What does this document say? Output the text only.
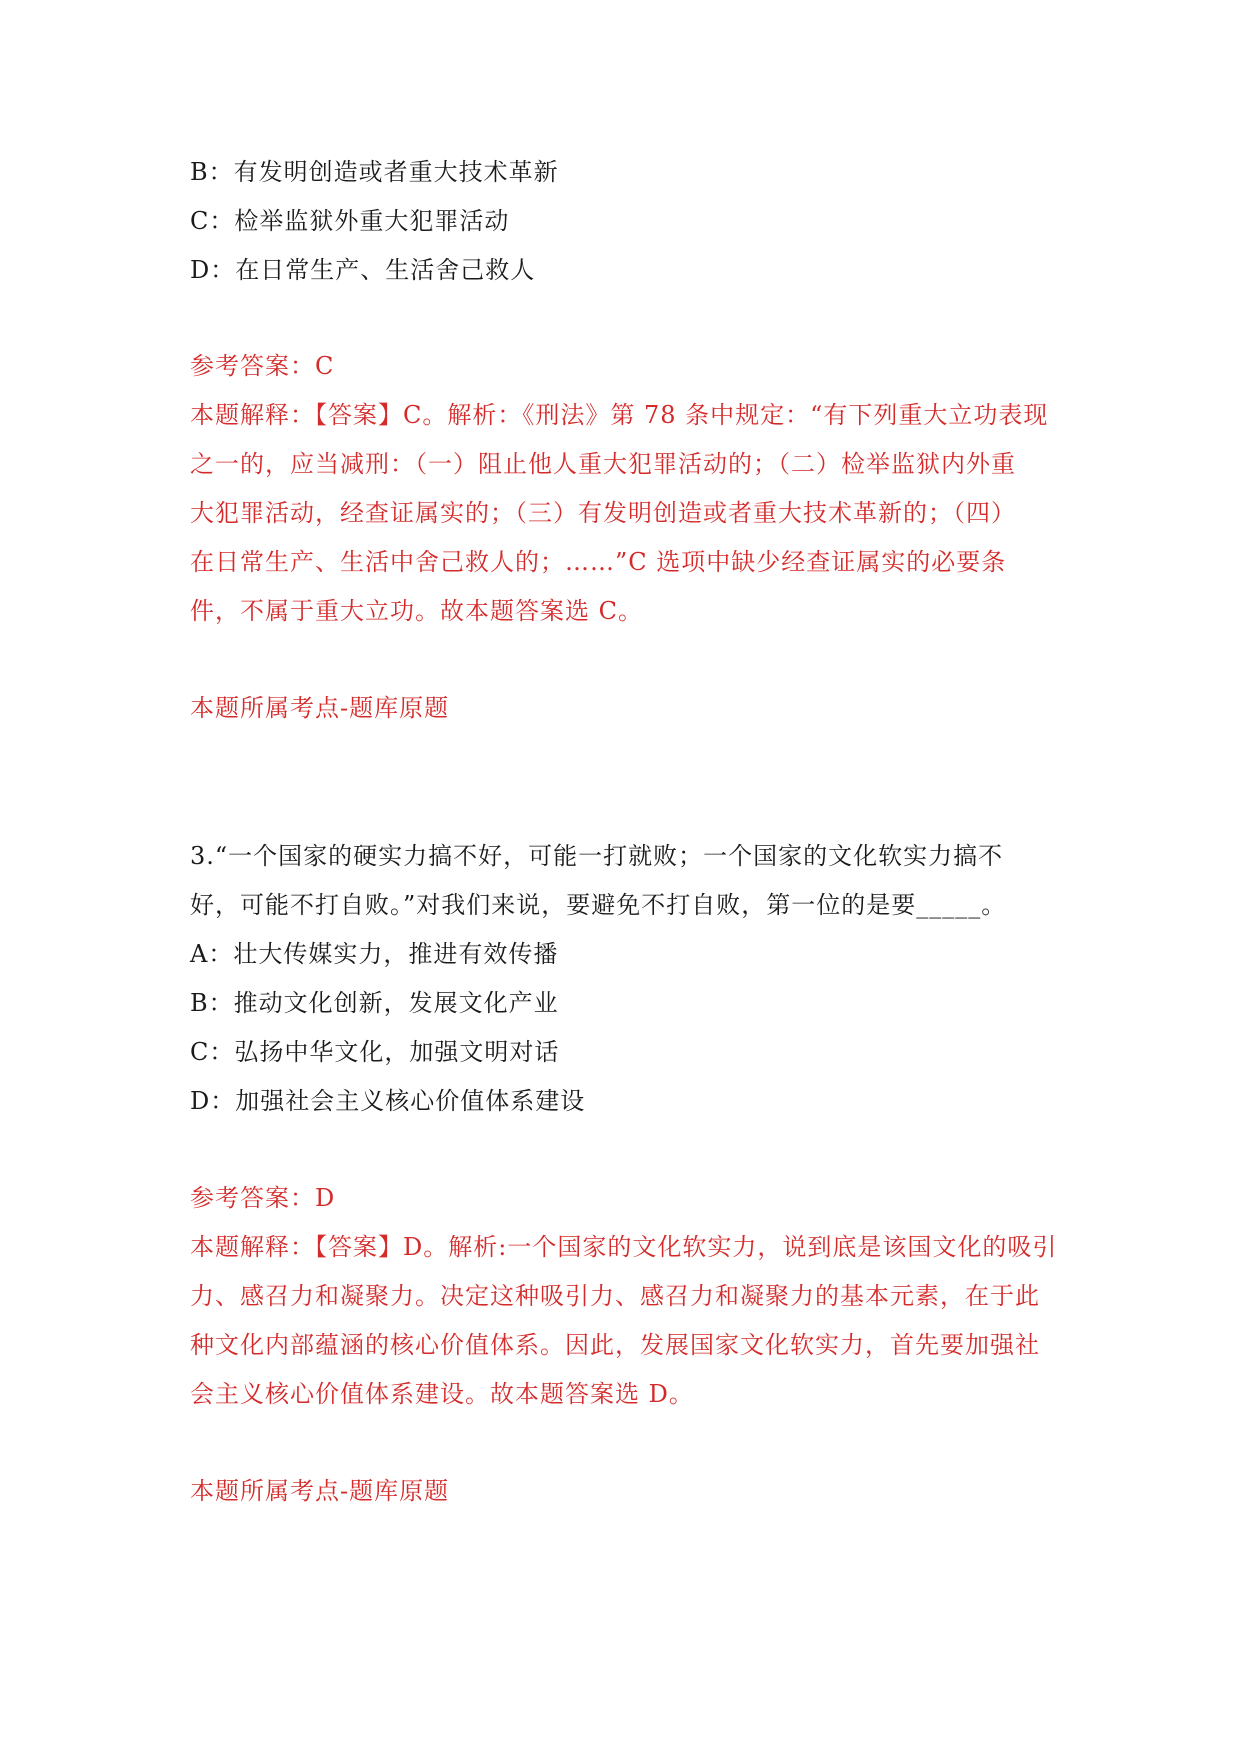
B：有发明创造或者重大技术革新
C：检举监狱外重大犯罪活动
D：在日常生产、生活舍己救人
参考答案：C
本题解释：【答案】C。解析：《刑法》第 78 条中规定：“有下列重大立功表现
之一的，应当减刑：（一）阻止他人重大犯罪活动的；（二）检举监狱内外重
大犯罪活动，经查证属实的；（三）有发明创造或者重大技术革新的；（四）
在日常生产、生活中舍己救人的；……”C 选项中缺少经查证属实的必要条
件，不属于重大立功。故本题答案选 C。
本题所属考点-题库原题
3.“一个国家的硬实力搞不好，可能一打就败；一个国家的文化软实力搞不
好，可能不打自败。”对我们来说，要避免不打自败，第一位的是要_____。
A：壮大传媒实力，推进有效传播
B：推动文化创新，发展文化产业
C：弘扬中华文化，加强文明对话
D：加强社会主义核心价值体系建设
参考答案：D
本题解释：【答案】D。解析:一个国家的文化软实力，说到底是该国文化的吸引
力、感召力和凝聚力。决定这种吸引力、感召力和凝聚力的基本元素，在于此
种文化内部蕴涵的核心价值体系。因此，发展国家文化软实力，首先要加强社
会主义核心价值体系建设。故本题答案选 D。
本题所属考点-题库原题
